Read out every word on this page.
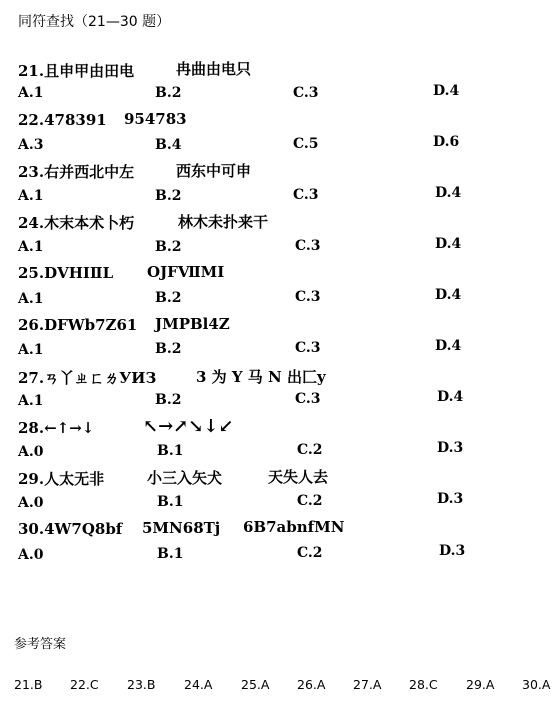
同符查找（21—30 题）
21.且申甲由田电	冉曲由电只
A.1	B.2	C.3	D.4
22.478391 954783
A.3	B.4	C.5	D.6
23.右并西北中左	西东中可申
A.1	B.2	C.3	D.4
24.木末本术卜朽	林木未扑来干
A.1	B.2	C.3	D.4
25.DⅤHIⅡL OJFⅦMI
A.1	B.2	C.3	D.4
26.DFWb7Z61 JMPBl4Z
A.1	B.2	C.3	D.4
27.ㄢ丫ㄓㄈㄌУИЗ	3 为 Y 马 N 出匚y
A.1	B.2	C.3	D.4
28.←↑→↓	↖→↗↘↓↙
A.0	B.1	C.2	D.3
29.人太无非	小三入矢犬	天失人去
A.0	B.1	C.2	D.3
30.4W7Q8bf 5MN68Tj 6B7abnfMN
A.0	B.1	C.2	D.3
参考答案
21.B 22.C 23.B 24.A 25.A 26.A 27.A 28.C 29.A 30.A
